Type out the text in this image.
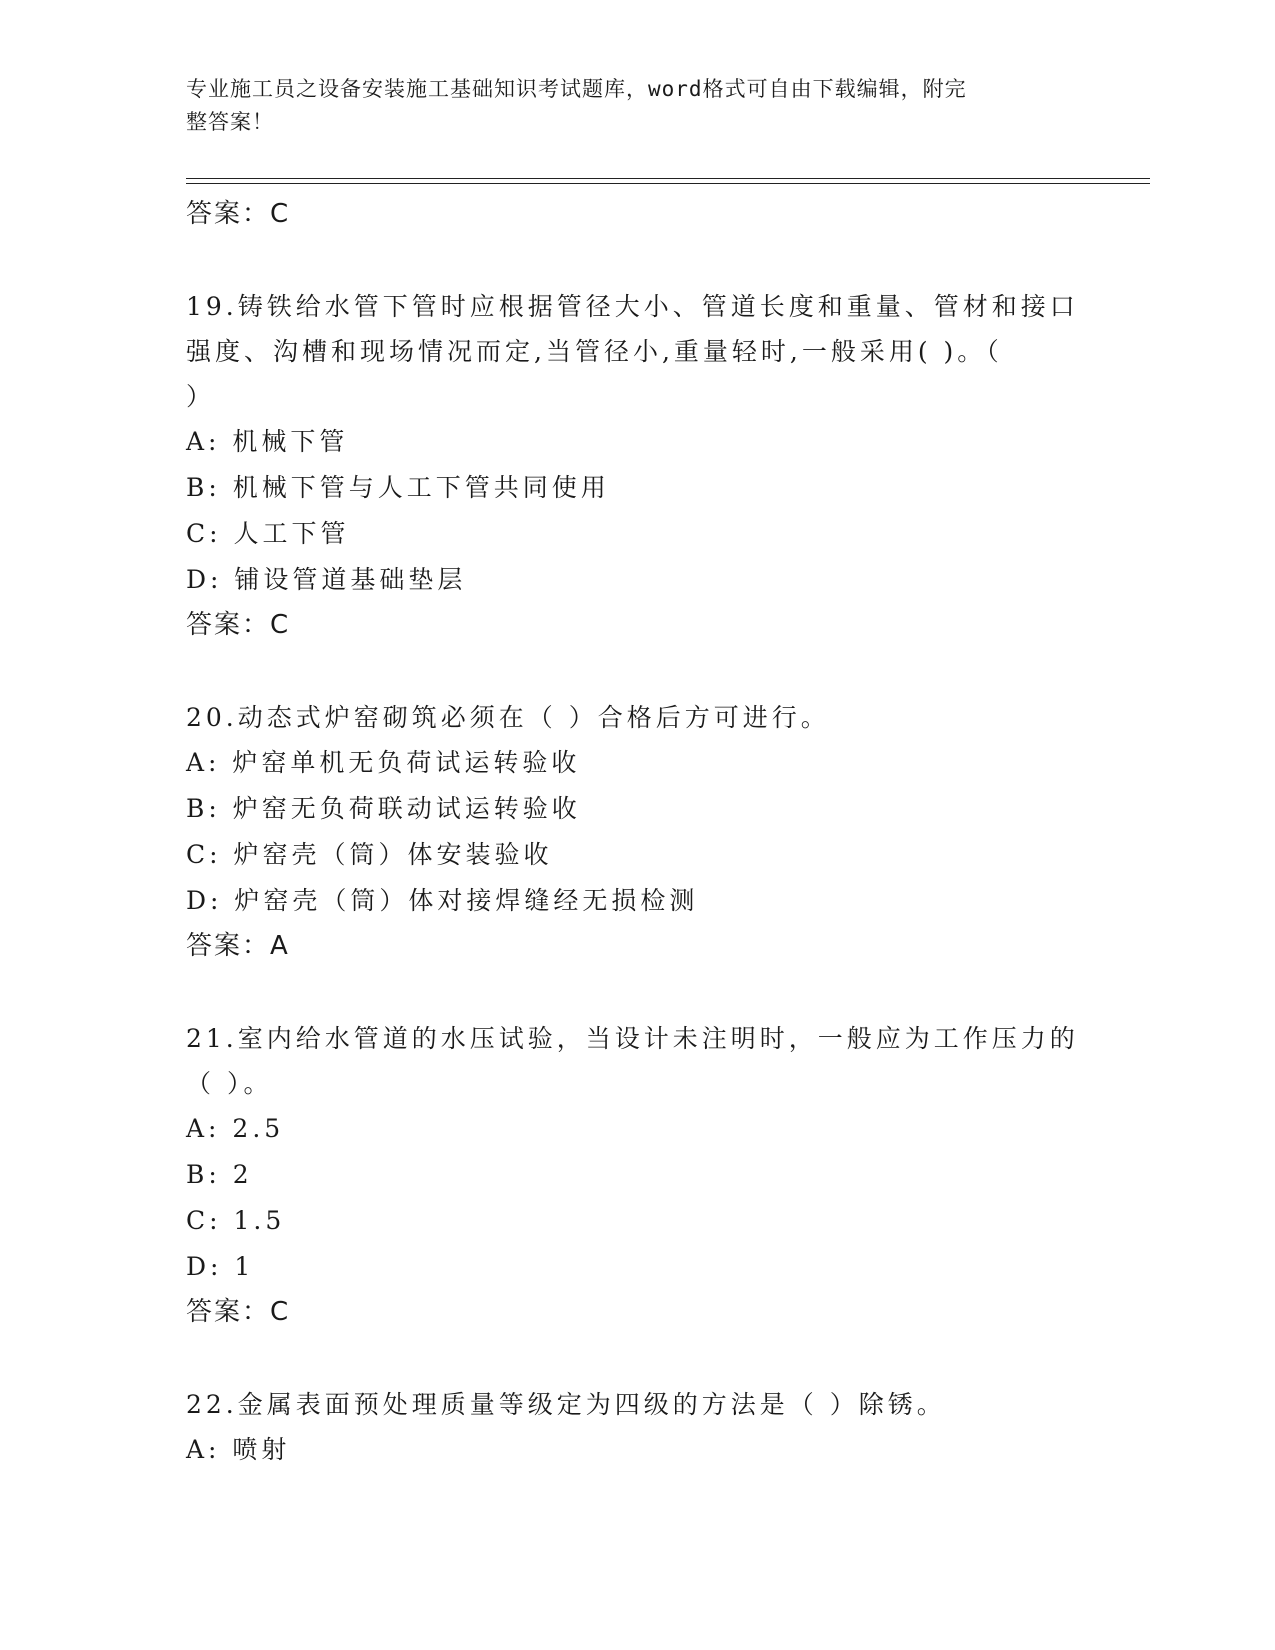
专业施工员之设备安装施工基础知识考试题库，word格式可自由下载编辑，附完
整答案！
答案：C
19.铸铁给水管下管时应根据管径大小、管道长度和重量、管材和接口
强度、沟槽和现场情况而定,当管径小,重量轻时,一般采用( )。（
）
A: 机械下管
B: 机械下管与人工下管共同使用
C: 人工下管
D: 铺设管道基础垫层
答案：C
20.动态式炉窑砌筑必须在（ ）合格后方可进行。
A: 炉窑单机无负荷试运转验收
B: 炉窑无负荷联动试运转验收
C: 炉窑壳（筒）体安装验收
D: 炉窑壳（筒）体对接焊缝经无损检测
答案：A
21.室内给水管道的水压试验，当设计未注明时，一般应为工作压力的
（ ）。
A: 2.5
B: 2
C: 1.5
D: 1
答案：C
22.金属表面预处理质量等级定为四级的方法是（ ）除锈。
A: 喷射
